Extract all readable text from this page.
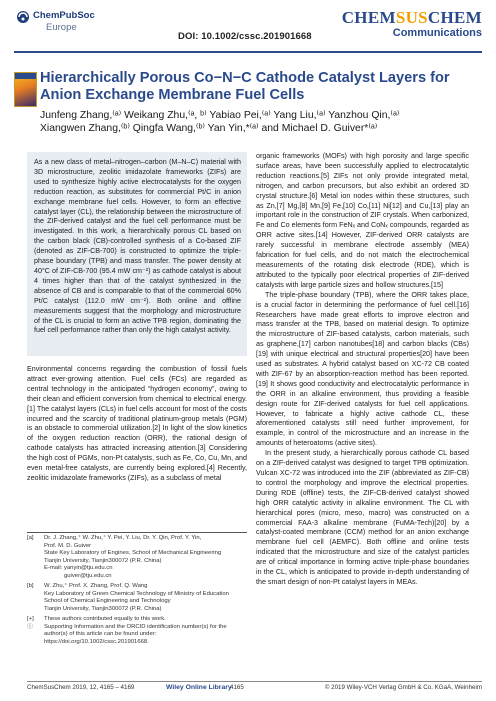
ChemPubSoc
Europe
DOI: 10.1002/cssc.201901668
CHEMSUSCHEM
Communications
Hierarchically Porous Co−N−C Cathode Catalyst Layers for Anion Exchange Membrane Fuel Cells
Junfeng Zhang,⁽ᵃ⁾ Weikang Zhu,⁽ᵃ, ᵇ⁾ Yabiao Pei,⁽ᵃ⁾ Yang Liu,⁽ᵃ⁾ Yanzhou Qin,⁽ᵃ⁾
Xiangwen Zhang,⁽ᵇ⁾ Qingfa Wang,⁽ᵇ⁾ Yan Yin,*⁽ᵃ⁾ and Michael D. Guiver*⁽ᵃ⁾

As a new class of metal–nitrogen–carbon (M–N–C) material with 3D microstructure, zeolitic imidazolate frameworks (ZIFs) are used to synthesize highly active electrocatalysts for the oxygen reduction reaction, as substitutes for commercial Pt/C in anion exchange membrane fuel cells. However, to form an effective catalyst layer (CL), the relationship between the microstructure of the ZIF-derived catalyst and the fuel cell performance must be investigated. In this work, a hierarchically porous CL based on the carbon black (CB)-controlled synthesis of a Co-based ZIF (denoted as ZIF-CB-700) is constructed to optimize the triple-phase boundary (TPB) and mass transfer. The power density at 40°C of ZIF-CB-700 (95.4 mW cm⁻²) as cathode catalyst is about 4 times higher than that of the catalyst synthesized in the absence of CB and is comparable to that of the commercial 60% Pt/C catalyst (112.0 mW cm⁻²). Both online and offline measurements suggest that the morphology and microstructure of the CL is crucial to form an active TPB region, dominating the fuel cell performance rather than only the high catalyst activity.

Environmental concerns regarding the combustion of fossil fuels attract ever-growing attention. Fuel cells (FCs) are regarded as central technology in the anticipated “hydrogen economy”, owing to their clean and efficient conversion from chemical to electrical energy.[1] The catalyst layers (CLs) in fuel cells account for most of the costs incurred and the scarcity of traditional platinum-group metals (PGM) is an obstacle to commercial utilization.[2] In light of the slow kinetics of the oxygen reduction reaction (ORR), the rational design of cathode catalysts has attracted increasing attention.[3] Considering the high cost of PGMs, non-Pt catalysts, such as Fe, Co, Cu, Mn, and even metal-free catalysts, are currently being explored.[4] Recently, zeolitic imidazolate frameworks (ZIFs), as a subclass of metal

organic frameworks (MOFs) with high porosity and large specific surface areas, have been successfully applied to electrocatalytic reduction reactions.[5] ZIFs not only provide integrated metal, nitrogen, and carbon precursors, but also exhibit an ordered 3D crystal structure.[6] Metal ion nodes within these structures, such as Zn,[7] Mg,[8] Mn,[9] Fe,[10] Co,[11] Ni[12] and Cu,[13] play an important role in the construction of ZIF crystals. When carbonized, Fe and Co elements form FeNₓ and CoNₓ compounds, regarded as ORR active sites.[14] However, ZIF-derived ORR catalysts are rarely successful in membrane electrode assembly (MEA) fabrication for fuel cells, and do not match the electrochemical measurements of the rotating disk electrode (RDE), which is attributed to the typically poor electrical properties of ZIF-derived catalysts with large particle sizes and hollow structures.[15]

The triple-phase boundary (TPB), where the ORR takes place, is a crucial factor in determining the performance of fuel cell.[16] Researchers have made great efforts to improve electron and mass transfer at the TPB, based on material design. To optimize the microstructure of ZIF-based catalysts, carbon materials, such as graphene,[17] carbon nanotubes[18] and carbon blacks (CBs)[19] with unique electrical and structural properties[20] have been used as substrates. A hybrid catalyst based on XC-72 CB coated with ZIF-67 by an absorption-reaction method has been reported.[19] It shows good conductivity and electrocatalytic performance in the ORR in an alkaline environment, thus providing a feasible design route for ZIF-derived catalysts for fuel cell applications. However, to fabricate a highly active cathode CL, these aforementioned catalysts still need further improvement, for example, in control of the microstructure and an increase in the amounts of heteroatoms (active sites).

In the present study, a hierarchically porous cathode CL based on a ZIF-derived catalyst was designed to target TPB optimization. Vulcan XC-72 was introduced into the ZIF (abbreviated as ZIF-CB) to control the morphology and improve the electrical properties. During RDE (offline) tests, the ZIF-CB-derived catalyst showed high ORR catalytic activity in alkaline environment. The CL with hierarchical pores (micro, meso, macro) was constructed on a commercial FAA-3 alkaline membrane (FuMA-Tech)[20] by a catalyst-coated membrane (CCM) method for an anion exchange membrane fuel cell (AEMFC). Both offline and online tests indicated that the microstructure and size of the catalyst particles are of critical importance in forming active triple-phase boundaries in the CL, which is anticipated to provide in-depth understanding of the smart design of non-Pt catalyst layers in MEAs.

[a]	Dr. J. Zhang,⁺ W. Zhu,⁺ Y. Pei, Y. Liu, Dr. Y. Qin, Prof. Y. Yin,
Prof. M. D. Guiver
State Key Laboratory of Engines, School of Mechanical Engineering
Tianjin University, Tianjin300072 (P.R. China)
E-mail: yanyin@tju.edu.cn
guiver@tju.edu.cn
[b]	W. Zhu,⁺ Prof. X. Zhang, Prof. Q. Wang
Key Laboratory of Green Chemical Technology of Ministry of Education
School of Chemical Engineering and Technology
Tianjin University, Tianjin300072 (P.R. China)
[+]	These authors contributed equally to this work.
ⓘ	Supporting Information and the ORCID identification number(s) for the
author(s) of this article can be found under:
https://doi.org/10.1002/cssc.201901668.
ChemSusChem 2019, 12, 4165 – 4169	Wiley Online Library
4165	© 2019 Wiley-VCH Verlag GmbH & Co. KGaA, Weinheim
